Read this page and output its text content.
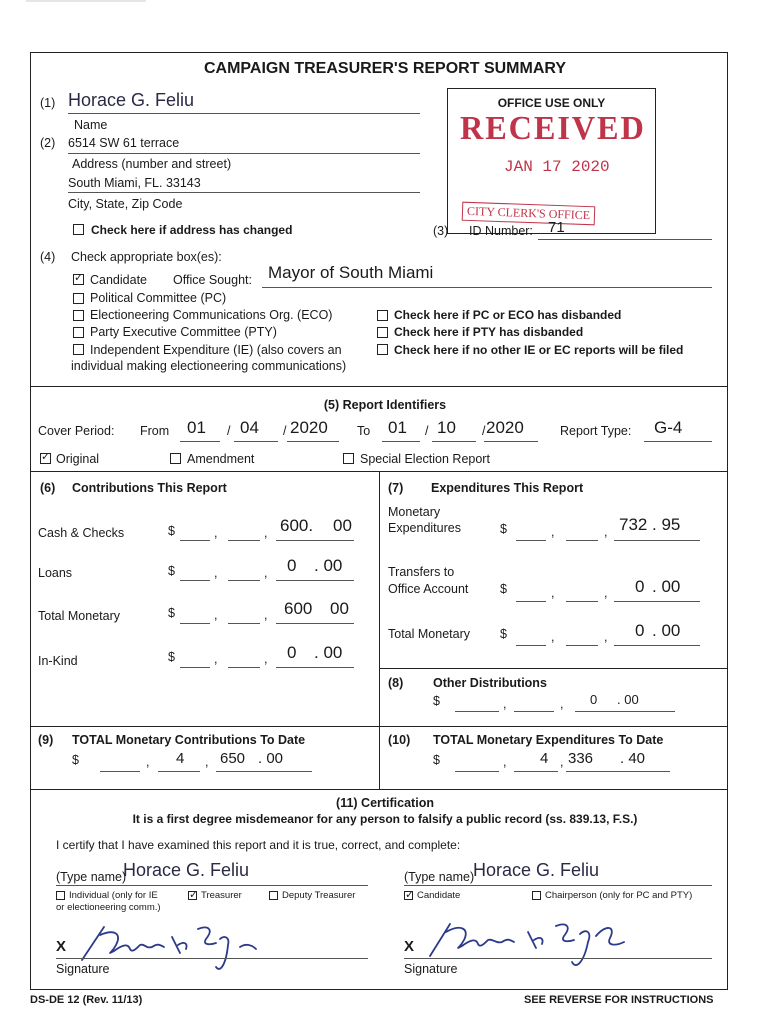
CAMPAIGN TREASURER'S REPORT SUMMARY
(1) Horace G. Feliu
Name
(2) 6514 SW 61 terrace
Address (number and street)
South Miami, FL. 33143
City, State, Zip Code
Check here if address has changed
OFFICE USE ONLY
RECEIVED
JAN 17 2020
CITY CLERK'S OFFICE
(3) ID Number: 71
(4) Check appropriate box(es):
✓
Candidate Office Sought: Mayor of South Miami
Political Committee (PC)
Electioneering Communications Org. (ECO)
Party Executive Committee (PTY)
Independent Expenditure (IE) (also covers an
individual making electioneering communications)
Check here if PC or ECO has disbanded
Check here if PTY has disbanded
Check here if no other IE or EC reports will be filed
(5) Report Identifiers
Cover Period: From 01 / 04 / 2020 To 01 / 10 / 2020	Report Type: G-4
✓
Original	Amendment	Special Election Report
(6) Contributions This Report
Cash & Checks	$	,	, 600. 00
Loans	$	,	, 0 . 00
Total Monetary	$	,	, 600 00
In-Kind	$	,	, 0 . 00
(7) Expenditures This Report
Monetary
Expenditures	$	,	, 732 . 95
Transfers to
Office Account	$	,	, 0 . 00
Total Monetary $	,	, 0 . 00
(8) Other Distributions
$	,	, 0 . 00
(9) TOTAL Monetary Contributions To Date
$	, 4 , 650 . 00
(10) TOTAL Monetary Expenditures To Date
$	, 4 , 336 . 40
(11) Certification
It is a first degree misdemeanor for any person to falsify a public record (ss. 839.13, F.S.)
I certify that I have examined this report and it is true, correct, and complete:
(Type name)
Horace G. Feliu
Individual (only for IE
or electioneering comm.)
✓
Treasurer	Deputy Treasurer
(Type name)
Horace G. Feliu
✓
Candidate	Chairperson (only for PC and PTY)
X
Signature
X
Signature
DS-DE 12 (Rev. 11/13)	SEE REVERSE FOR INSTRUCTIONS
